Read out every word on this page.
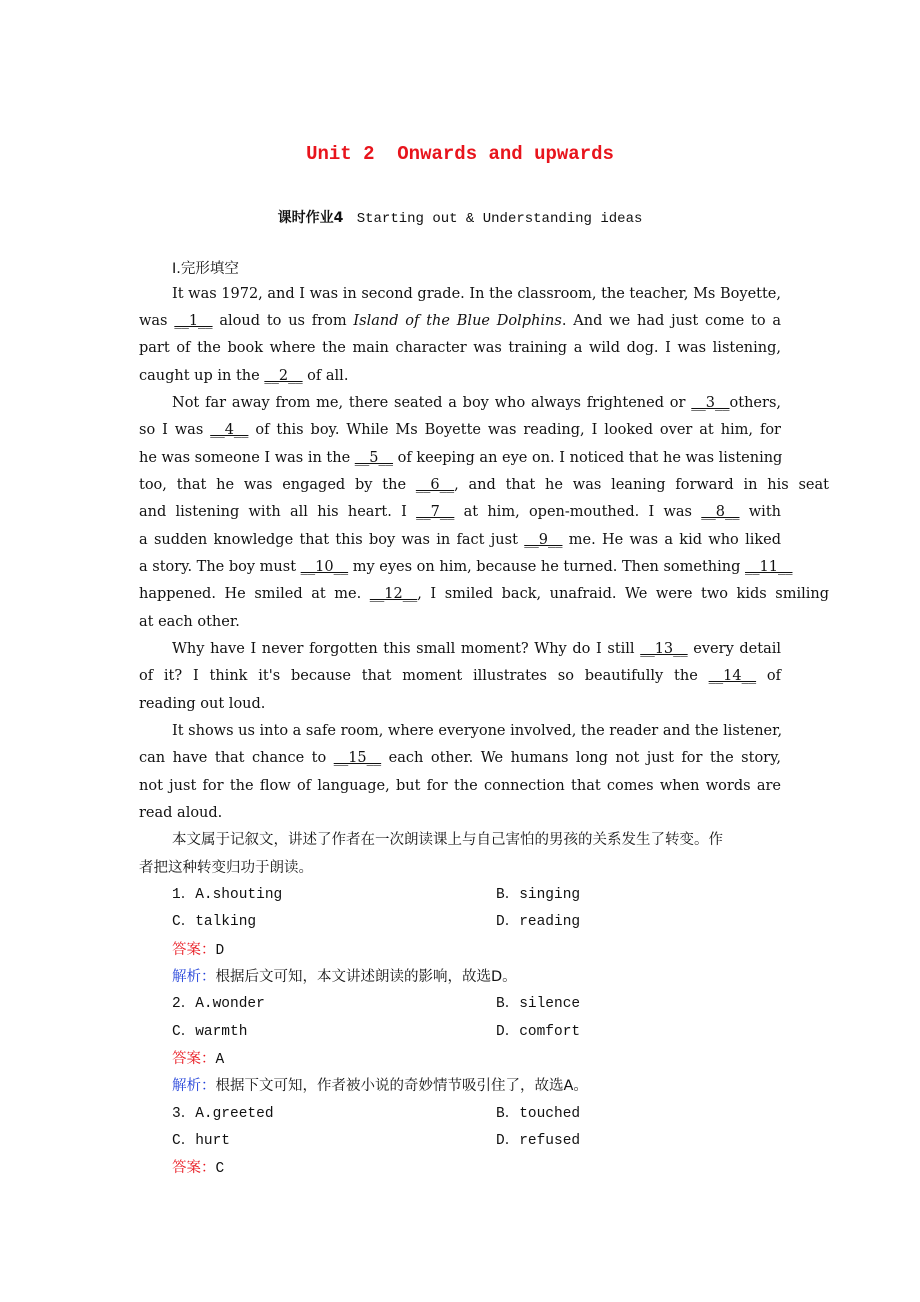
Unit 2  Onwards and upwards
课时作业4 Starting out & Understanding ideas
Ⅰ.完形填空
It was 1972, and I was in second grade. In the classroom, the teacher, Ms Boyette,
was __1__ aloud to us from Island of the Blue Dolphins. And we had just come to a
part of the book where the main character was training a wild dog. I was listening,
caught up in the __2__ of all.
Not far away from me, there seated a boy who always frightened or __3__others,
so I was __4__ of this boy. While Ms Boyette was reading, I looked over at him, for
he was someone I was in the __5__ of keeping an eye on. I noticed that he was listening
too, that he was engaged by the __6__, and that he was leaning forward in his seat
and listening with all his heart. I __7__ at him, open-mouthed. I was __8__ with
a sudden knowledge that this boy was in fact just __9__ me. He was a kid who liked
a story. The boy must __10__ my eyes on him, because he turned. Then something __11__
happened. He smiled at me. __12__, I smiled back, unafraid. We were two kids smiling
at each other.
Why have I never forgotten this small moment? Why do I still __13__ every detail
of it? I think it's because that moment illustrates so beautifully the __14__ of
reading out loud.
It shows us into a safe room, where everyone involved, the reader and the listener,
can have that chance to __15__ each other. We humans long not just for the story,
not just for the flow of language, but for the connection that comes when words are
read aloud.
本文属于记叙文，讲述了作者在一次朗读课上与自己害怕的男孩的关系发生了转变。作
者把这种转变归功于朗读。
1．A.shouting	B．singing
C．talking	D．reading
答案：D
解析：根据后文可知，本文讲述朗读的影响，故选D。
2．A.wonder	B．silence
C．warmth	D．comfort
答案：A
解析：根据下文可知，作者被小说的奇妙情节吸引住了，故选A。
3．A.greeted	B．touched
C．hurt	D．refused
答案：C
